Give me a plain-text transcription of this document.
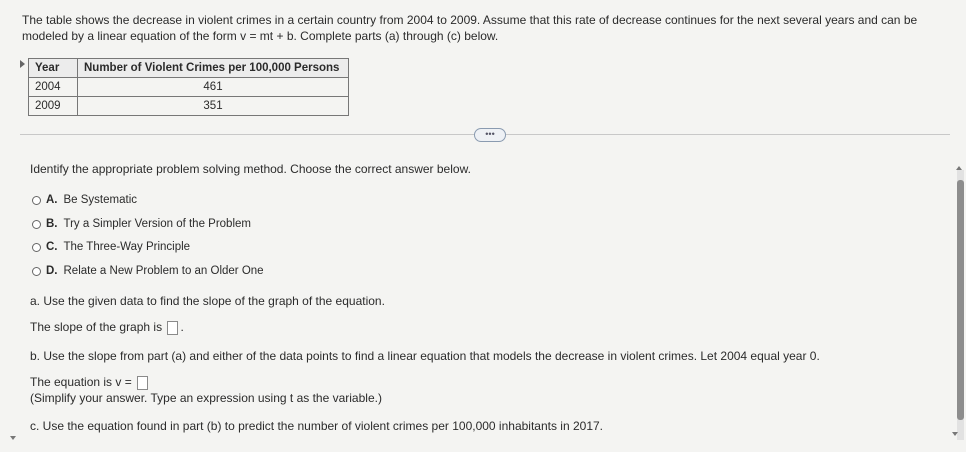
The table shows the decrease in violent crimes in a certain country from 2004 to 2009. Assume that this rate of decrease continues for the next several years and can be modeled by a linear equation of the form v = mt + b. Complete parts (a) through (c) below.
Year	Number of Violent Crimes per 100,000 Persons
2004	461
2009	351
•••
Identify the appropriate problem solving method. Choose the correct answer below.
A. Be Systematic
B. Try a Simpler Version of the Problem
C. The Three-Way Principle
D. Relate a New Problem to an Older One
a. Use the given data to find the slope of the graph of the equation.
The slope of the graph is .
b. Use the slope from part (a) and either of the data points to find a linear equation that models the decrease in violent crimes. Let 2004 equal year 0.
The equation is v =
(Simplify your answer. Type an expression using t as the variable.)
c. Use the equation found in part (b) to predict the number of violent crimes per 100,000 inhabitants in 2017.
